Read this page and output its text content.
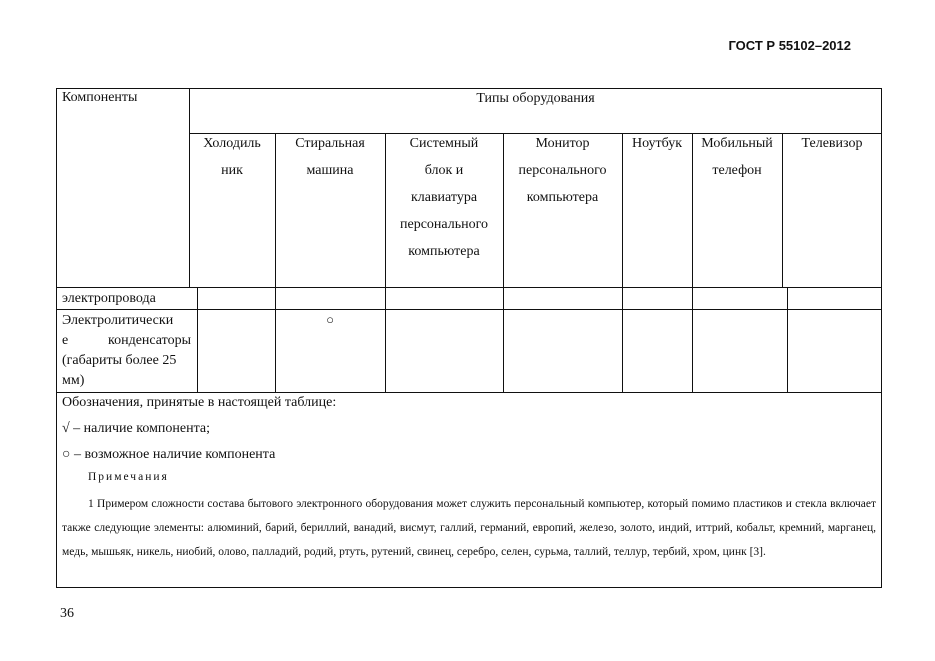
ГОСТ Р 55102–2012
Компоненты	Типы оборудования
Холодиль
ник
Стиральная
машина
Системный
блок и
клавиатура
персонального
компьютера
Монитор
персонального
компьютера
Ноутбук	Мобильный
телефон
Телевизор
электропровода
Электролитически
е конденсаторы
(габариты более 25
мм)
○
Обозначения, принятые в настоящей таблице:
√ – наличие компонента;
○ – возможное наличие компонента
Примечания
1 Примером сложности состава бытового электронного оборудования может служить персональный компьютер, который помимо пластиков и стекла включает также следующие элементы: алюминий, барий, бериллий, ванадий, висмут, галлий, германий, европий, железо, золото, индий, иттрий, кобальт, кремний, марганец, медь, мышьяк, никель, ниобий, олово, палладий, родий, ртуть, рутений, свинец, серебро, селен, сурьма, таллий, теллур, тербий, хром, цинк [3].
36
